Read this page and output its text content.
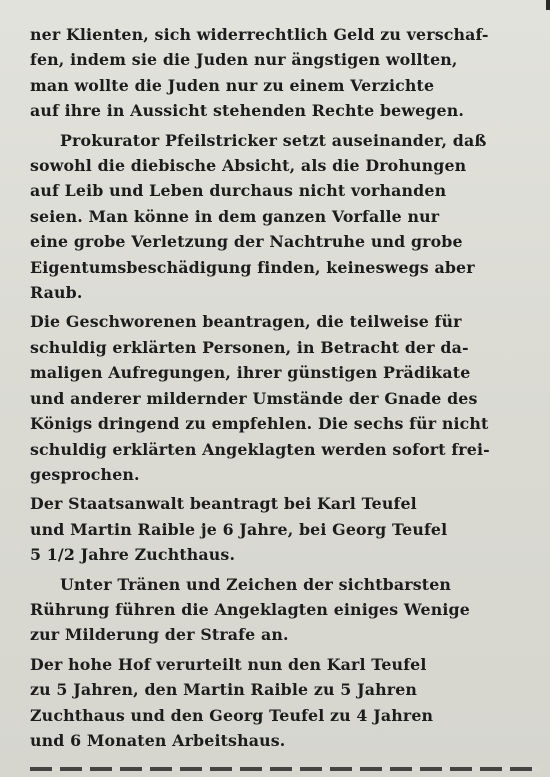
ner Klienten, sich widerrechtlich Geld zu verschaf-
fen, indem sie die Juden nur ängstigen wollten,
man wollte die Juden nur zu einem Verzichte
auf ihre in Aussicht stehenden Rechte bewegen.

Prokurator Pfeilstricker setzt auseinander, daß
sowohl die diebische Absicht, als die Drohungen
auf Leib und Leben durchaus nicht vorhanden
seien. Man könne in dem ganzen Vorfalle nur
eine grobe Verletzung der Nachtruhe und grobe
Eigentumsbeschädigung finden, keineswegs aber
Raub.

Die Geschworenen beantragen, die teilweise für
schuldig erklärten Personen, in Betracht der da-
maligen Aufregungen, ihrer günstigen Prädikate
und anderer mildernder Umstände der Gnade des
Königs dringend zu empfehlen. Die sechs für nicht
schuldig erklärten Angeklagten werden sofort frei-
gesprochen.

Der Staatsanwalt beantragt bei Karl Teufel
und Martin Raible je 6 Jahre, bei Georg Teufel
5 1/2 Jahre Zuchthaus.

Unter Tränen und Zeichen der sichtbarsten
Rührung führen die Angeklagten einiges Wenige
zur Milderung der Strafe an.

Der hohe Hof verurteilt nun den Karl Teufel
zu 5 Jahren, den Martin Raible zu 5 Jahren
Zuchthaus und den Georg Teufel zu 4 Jahren
und 6 Monaten Arbeitshaus.
